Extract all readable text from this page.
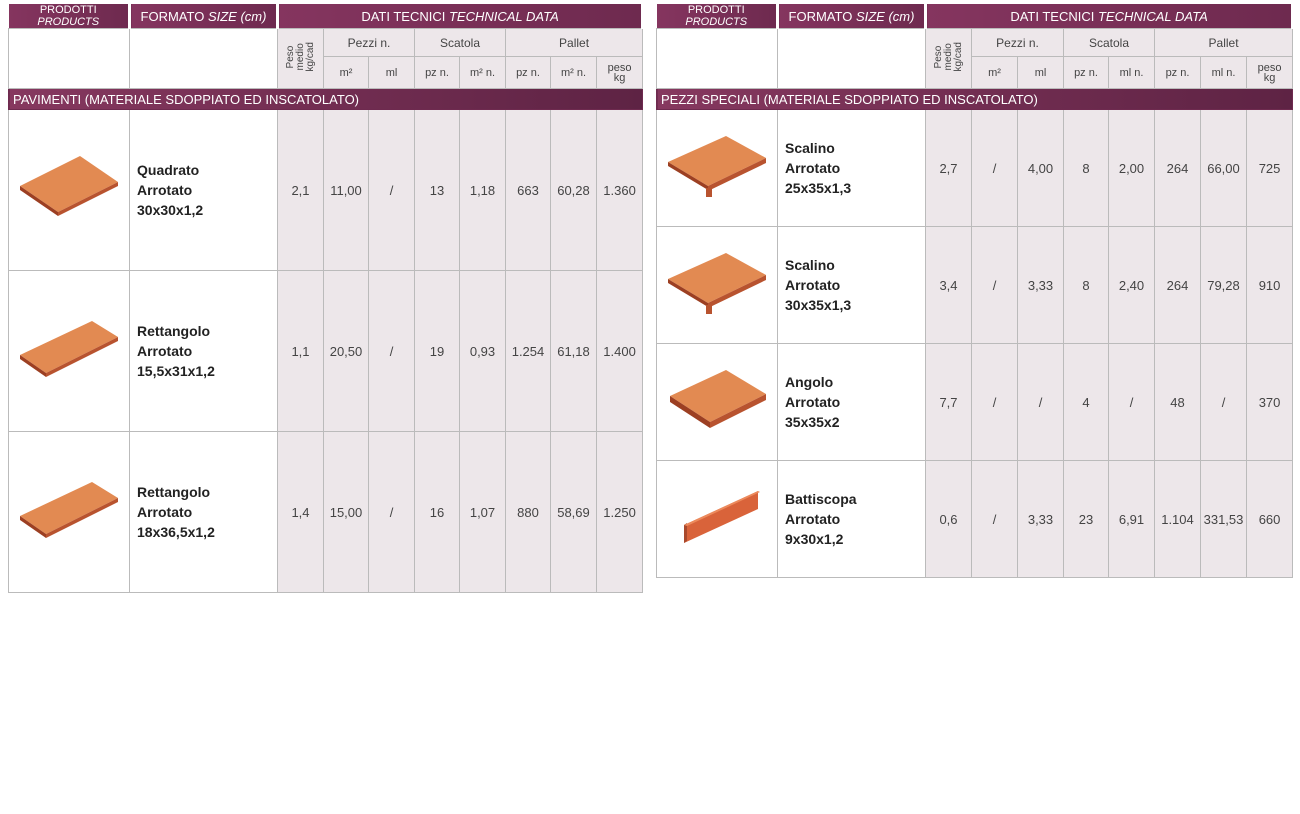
PRODOTTI PRODUCTS	FORMATO SIZE (cm)	DATI TECNICI TECHNICAL DATA							
		Peso
medio
kg/cad	Pezzi n.		Scatola		Pallet		
			m²	ml	pz n.	m² n.	pz n.	m² n.	peso
kg

PAVIMENTI (MATERIALE SDOPPIATO ED INSCATOLATO)									

Quadrato
Arrotato
30x30x1,2	2,1	11,00	/	13	1,18	663	60,28	1.360

Rettangolo
Arrotato
15,5x31x1,2	1,1	20,50	/	19	0,93	1.254	61,18	1.400

Rettangolo
Arrotato
18x36,5x1,2	1,4	15,00	/	16	1,07	880	58,69	1.250
PRODOTTI PRODUCTS	FORMATO SIZE (cm)	DATI TECNICI TECHNICAL DATA							
		Peso
medio
kg/cad	Pezzi n.		Scatola		Pallet		
			m²	ml	pz n.	ml n.	pz n.	ml n.	peso
kg

PEZZI SPECIALI (MATERIALE SDOPPIATO ED INSCATOLATO)									

Scalino
Arrotato
25x35x1,3	2,7	/	4,00	8	2,00	264	66,00	725

Scalino
Arrotato
30x35x1,3	3,4	/	3,33	8	2,40	264	79,28	910

Angolo
Arrotato
35x35x2	7,7	/	/	4	/	48	/	370

Battiscopa
Arrotato
9x30x1,2	0,6	/	3,33	23	6,91	1.104	331,53	660
